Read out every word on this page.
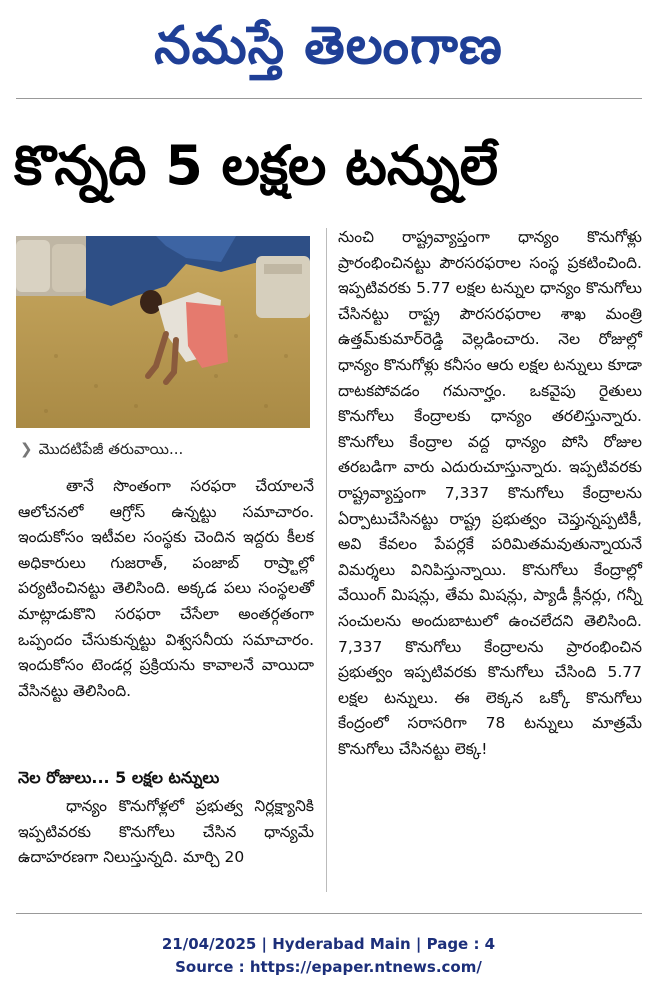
నమస్తే తెలంగాణ
కొన్నది 5 లక్షల టన్నులే
❯ మొదటిపేజీ తరువాయి...

తానే సొంతంగా సరఫరా చేయాలనే ఆలోచనలో ఆగ్రోస్‌ ఉన్నట్టు సమాచారం. ఇందుకోసం ఇటీవల సంస్థకు చెందిన ఇద్దరు కీలక అధికారులు గుజరాత్‌, పంజాబ్‌ రాష్ర్టాల్లో పర్యటించినట్టు తెలిసింది. అక్కడ పలు సంస్థలతో మాట్లాడుకొని సరఫరా చేసేలా అంతర్గతంగా ఒప్పందం చేసుకున్నట్టు విశ్వసనీయ సమాచారం. ఇందుకోసం టెండర్ల ప్రక్రియను కావాలనే వాయిదా వేసినట్టు తెలిసింది.

నెల రోజులు... 5 లక్షల టన్నులు

ధాన్యం కొనుగోళ్లలో ప్రభుత్వ నిర్లక్ష్యానికి ఇప్పటివరకు కొనుగోలు చేసిన ధాన్యమే ఉదాహరణగా నిలుస్తున్నది. మార్చి 20

నుంచి రాష్ట్రవ్యాప్తంగా ధాన్యం కొనుగోళ్లు ప్రారంభించినట్టు పౌరసరఫరాల సంస్థ ప్రకటించింది. ఇప్పటివరకు 5.77 లక్షల టన్నుల ధాన్యం కొనుగోలు చేసినట్టు రాష్ట్ర పౌరసరఫరాల శాఖ మంత్రి ఉత్తమ్‌కుమార్‌రెడ్డి వెల్లడించారు. నెల రోజుల్లో ధాన్యం కొనుగోళ్లు కనీసం ఆరు లక్షల టన్నులు కూడా దాటకపోవడం గమనార్హం. ఒకవైపు రైతులు కొనుగోలు కేంద్రాలకు ధాన్యం తరలిస్తున్నారు. కొనుగోలు కేంద్రాల వద్ద ధాన్యం పోసి రోజుల తరబడిగా వారు ఎదురుచూస్తున్నారు. ఇప్పటివరకు రాష్ట్రవ్యాప్తంగా 7,337 కొనుగోలు కేంద్రాలను ఏర్పాటుచేసినట్టు రాష్ట్ర ప్రభుత్వం చెప్తున్నప్పటికీ, అవి కేవలం పేపర్లకే పరిమితమవుతున్నాయనే విమర్శలు వినిపిస్తున్నాయి. కొనుగోలు కేంద్రాల్లో వేయింగ్‌ మిషన్లు, తేమ మిషన్లు, ప్యాడీ క్లీనర్లు, గన్నీ సంచులను అందుబాటులో ఉంచలేదని తెలిసింది. 7,337 కొనుగోలు కేంద్రాలను ప్రారంభించిన ప్రభుత్వం ఇప్పటివరకు కొనుగోలు చేసింది 5.77 లక్షల టన్నులు. ఈ లెక్కన ఒక్కో కొనుగోలు కేంద్రంలో సరాసరిగా 78 టన్నులు మాత్రమే కొనుగోలు చేసినట్టు లెక్క!

21/04/2025 | Hyderabad Main | Page : 4
Source : https://epaper.ntnews.com/
